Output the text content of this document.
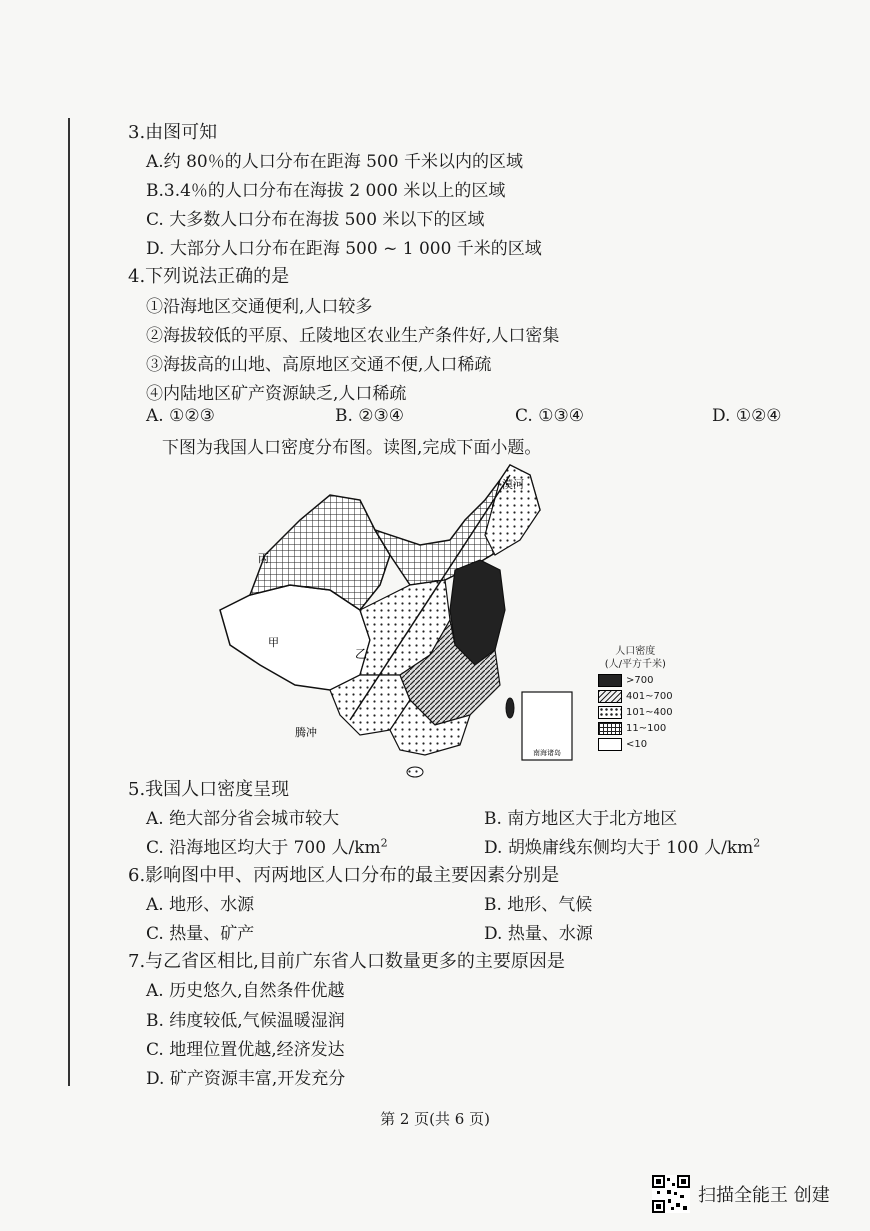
3.由图可知
A.约 80％的人口分布在距海 500 千米以内的区域
B.3.4％的人口分布在海拔 2 000 米以上的区域
C. 大多数人口分布在海拔 500 米以下的区域
D. 大部分人口分布在距海 500 ~ 1 000 千米的区域
4.下列说法正确的是
①沿海地区交通便利,人口较多
②海拔较低的平原、丘陵地区农业生产条件好,人口密集
③海拔高的山地、高原地区交通不便,人口稀疏
④内陆地区矿产资源缺乏,人口稀疏
A. ①②③	B. ②③④	C. ①③④	D. ①②④
下图为我国人口密度分布图。读图,完成下面小题。
南海诸岛
漠河
丙
甲
乙
腾冲
人口密度
(人/平方千米)
>700
401~700
101~400
11~100
<10
5.我国人口密度呈现
A. 绝大部分省会城市较大	B. 南方地区大于北方地区
C. 沿海地区均大于 700 人$/km^2$	D. 胡焕庸线东侧均大于 100 人$/km^2$
6.影响图中甲、丙两地区人口分布的最主要因素分别是
A. 地形、水源	B. 地形、气候
C. 热量、矿产	D. 热量、水源
7.与乙省区相比,目前广东省人口数量更多的主要原因是
A. 历史悠久,自然条件优越
B. 纬度较低,气候温暖湿润
C. 地理位置优越,经济发达
D. 矿产资源丰富,开发充分
第 2 页(共 6 页)
扫描全能王 创建
